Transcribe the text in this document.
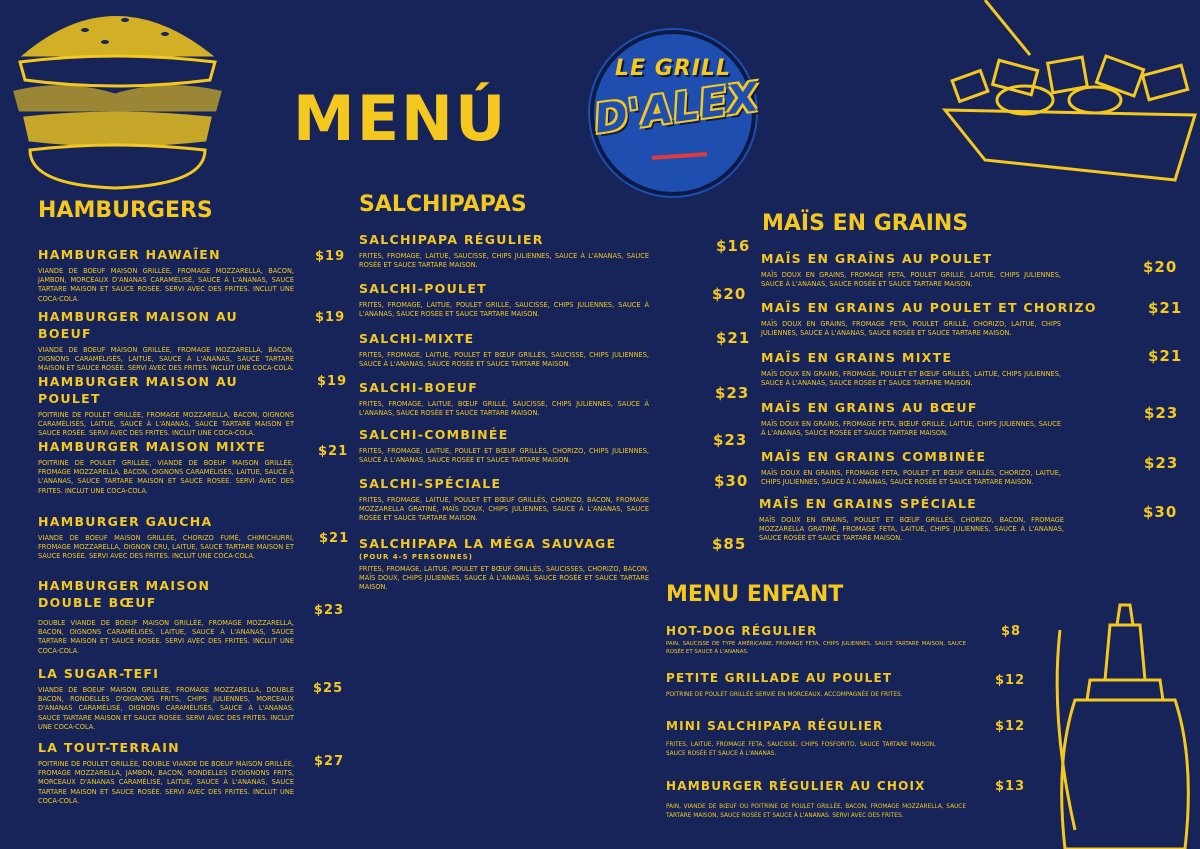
MENÚ
LE GRILL
D'ALEX
HAMBURGERS	SALCHIPAPAS
MAÏS EN GRAINS
MENU ENFANT
HAMBURGER HAWAÏEN
VIANDE DE BOEUF MAISON GRILLÉE, FROMAGE MOZZARELLA, BACON, JAMBON, MORCEAUX D'ANANAS CARAMÉLISÉ, SAUCE À L'ANANAS, SAUCE TARTARE MAISON ET SAUCE ROSÉE. SERVI AVEC DES FRITES. INCLUT UNE COCA-COLA.
$19
HAMBURGER MAISON AU BOEUF
VIANDE DE BOEUF MAISON GRILLÉE, FROMAGE MOZZARELLA, BACON, OIGNONS CARAMÉLISÉS, LAITUE, SAUCE À L'ANANAS, SAUCE TARTARE MAISON ET SAUCE ROSÉE. SERVI AVEC DES FRITES. INCLUT UNE COCA-COLA.
$19
HAMBURGER MAISON AU POULET
POITRINE DE POULET GRILLÉE, FROMAGE MOZZARELLA, BACON, OIGNONS CARAMÉLISÉS, LAITUE, SAUCE À L'ANANAS, SAUCE TARTARE MAISON ET SAUCE ROSÉE. SERVI AVEC DES FRITES. INCLUT UNE COCA-COLA.
$19
HAMBURGER MAISON MIXTE
POITRINE DE POULET GRILLÉE, VIANDE DE BOEUF MAISON GRILLÉE, FROMAGE MOZZARELLA, BACON, OIGNONS CARAMÉLISÉS, LAITUE, SAUCE À L'ANANAS, SAUCE TARTARE MAISON ET SAUCE ROSÉE. SERVI AVEC DES FRITES. INCLUT UNE COCA-COLA.
$21
HAMBURGER GAUCHA
VIANDE DE BOEUF MAISON GRILLÉE, CHORIZO FUMÉ, CHIMICHURRI, FROMAGE MOZZARELLA, OIGNON CRU, LAITUE, SAUCE TARTARE MAISON ET SAUCE ROSÉE. SERVI AVEC DES FRITES. INCLUT UNE COCA-COLA.
$21
HAMBURGER MAISON DOUBLE BŒUF
DOUBLE VIANDE DE BOEUF MAISON GRILLÉE, FROMAGE MOZZARELLA, BACON, OIGNONS CARAMÉLISÉS, LAITUE, SAUCE À L'ANANAS, SAUCE TARTARE MAISON ET SAUCE ROSÉE. SERVI AVEC DES FRITES. INCLUT UNE COCA-COLA.
$23
LA SUGAR-TEFI
VIANDE DE BOEUF MAISON GRILLÉE, FROMAGE MOZZARELLA, DOUBLE BACON, RONDELLES D'OIGNONS FRITS, CHIPS JULIENNES, MORCEAUX D'ANANAS CARAMÉLISÉ, OIGNONS CARAMÉLISÉS, SAUCE À L'ANANAS, SAUCE TARTARE MAISON ET SAUCE ROSÉE. SERVI AVEC DES FRITES. INCLUT UNE COCA-COLA.
$25
LA TOUT-TERRAIN
POITRINE DE POULET GRILLÉE, DOUBLE VIANDE DE BOEUF MAISON GRILLÉE, FROMAGE MOZZARELLA, JAMBON, BACON, RONDELLES D'OIGNONS FRITS, MORCEAUX D'ANANAS CARAMÉLISÉ, LAITUE, SAUCE À L'ANANAS, SAUCE TARTARE MAISON ET SAUCE ROSÉE. SERVI AVEC DES FRITES. INCLUT UNE COCA-COLA.
$27
SALCHIPAPA RÉGULIER
FRITES, FROMAGE, LAITUE, SAUCISSE, CHIPS JULIENNES, SAUCE À L'ANANAS, SAUCE ROSÉE ET SAUCE TARTARE MAISON.
$16
SALCHI-POULET
FRITES, FROMAGE, LAITUE, POULET GRILLÉ, SAUCISSE, CHIPS JULIENNES, SAUCE À L'ANANAS, SAUCE ROSÉE ET SAUCE TARTARE MAISON.
$20
SALCHI-MIXTE
FRITES, FROMAGE, LAITUE, POULET ET BŒUF GRILLÉS, SAUCISSE, CHIPS JULIENNES, SAUCE À L'ANANAS, SAUCE ROSÉE ET SAUCE TARTARE MAISON.
$21
SALCHI-BOEUF
FRITES, FROMAGE, LAITUE, BŒUF GRILLÉ, SAUCISSE, CHIPS JULIENNES, SAUCE À L'ANANAS, SAUCE ROSÉE ET SAUCE TARTARE MAISON.
$23
SALCHI-COMBINÉE
FRITES, FROMAGE, LAITUE, POULET ET BŒUF GRILLÉS, CHORIZO, CHIPS JULIENNES, SAUCE À L'ANANAS, SAUCE ROSÉE ET SAUCE TARTARE MAISON.
$23
SALCHI-SPÉCIALE
FRITES, FROMAGE, LAITUE, POULET ET BŒUF GRILLÉS, CHORIZO, BACON, FROMAGE MOZZARELLA GRATINÉ, MAÏS DOUX, CHIPS JULIENNES, SAUCE À L'ANANAS, SAUCE ROSÉE ET SAUCE TARTARE MAISON.
$30
SALCHIPAPA LA MÉGA SAUVAGE
(POUR 4-5 PERSONNES)
FRITES, FROMAGE, LAITUE, POULET ET BŒUF GRILLÉS, SAUCISSES, CHORIZO, BACON, MAÏS DOUX, CHIPS JULIENNES, SAUCE À L'ANANAS, SAUCE ROSÉE ET SAUCE TARTARE MAISON.
$85
MAÏS EN GRAÎNS AU POULET
MAÏS DOUX EN GRAINS, FROMAGE FETA, POULET GRILLÉ, LAITUE, CHIPS JULIENNES, SAUCE À L'ANANAS, SAUCE ROSÉE ET SAUCE TARTARE MAISON.
$20
MAÏS EN GRAINS AU POULET ET CHORIZO
MAÏS DOUX EN GRAINS, FROMAGE FETA, POULET GRILLÉ, CHORIZO, LAITUE, CHIPS JULIENNES, SAUCE À L'ANANAS, SAUCE ROSÉE ET SAUCE TARTARE MAISON.
$21
MAÏS EN GRAINS MIXTE
MAÏS DOUX EN GRAINS, FROMAGE, POULET ET BŒUF GRILLÉS, LAITUE, CHIPS JULIENNES, SAUCE À L'ANANAS, SAUCE ROSÉE ET SAUCE TARTARE MAISON.
$21
MAÏS EN GRAINS AU BŒUF
MAÏS DOUX EN GRAINS, FROMAGE FETA, BŒUF GRILLÉ, LAITUE, CHIPS JULIENNES, SAUCE À L'ANANAS, SAUCE ROSÉE ET SAUCE TARTARE MAISON.
$23
MAÏS EN GRAINS COMBINÉE
MAÏS DOUX EN GRAINS, FROMAGE FETA, POULET ET BŒUF GRILLÉS, CHORIZO, LAITUE, CHIPS JULIENNES, SAUCE À L'ANANAS, SAUCE ROSÉE ET SAUCE TARTARE MAISON.
$23
MAÏS EN GRAINS SPÉCIALE
MAÏS DOUX EN GRAINS, POULET ET BŒUF GRILLÉS, CHORIZO, BACON, FROMAGE MOZZARELLA GRATINÉ, FROMAGE FETA, LAITUE, CHIPS JULIENNES, SAUCE À L'ANANAS, SAUCE ROSÉE ET SAUCE TARTARE MAISON.
$30
HOT-DOG RÉGULIER
PAIN, SAUCISSE DE TYPE AMÉRICAINE, FROMAGE FETA, CHIPS JULIENNES, SAUCE TARTARE MAISON, SAUCE ROSÉE ET SAUCE À L'ANANAS.
$8
PETITE GRILLADE AU POULET
POITRINE DE POULET GRILLÉE SERVIE EN MORCEAUX, ACCOMPAGNÉE DE FRITES.
$12
MINI SALCHIPAPA RÉGULIER
FRITES, LAITUE, FROMAGE FETA, SAUCISSE, CHIPS FOSFORITO, SAUCE TARTARE MAISON, SAUCE ROSÉE ET SAUCE À L'ANANAS.
$12
HAMBURGER RÉGULIER AU CHOIX
PAIN, VIANDE DE BŒUF OU POITRINE DE POULET GRILLÉE, BACON, FROMAGE MOZZARELLA, SAUCE TARTARE MAISON, SAUCE ROSÉE ET SAUCE À L'ANANAS. SERVI AVEC DES FRITES.
$13
